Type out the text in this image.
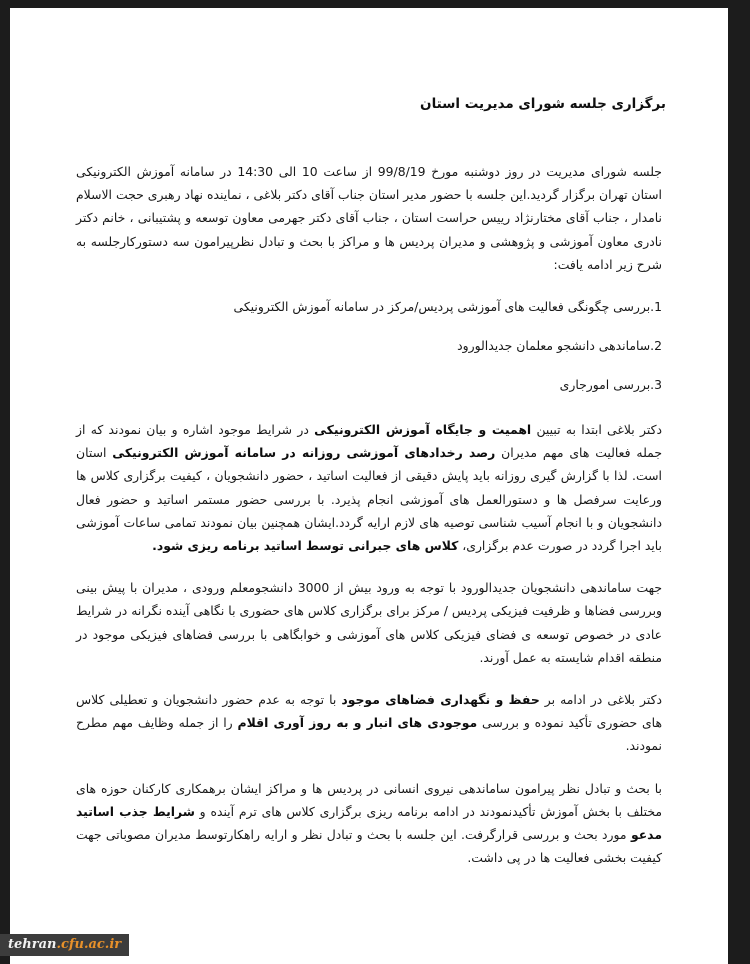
برگزاری جلسه شورای مدیریت استان

جلسه شورای مدیریت در روز دوشنبه مورخ 99/8/19 از ساعت 10 الی 14:30 در سامانه آموزش الکترونیکی استان تهران برگزار گردید.این جلسه با حضور مدیر استان جناب آقای دکتر بلاغی ، نماینده نهاد رهبری حجت الاسلام نامدار ، جناب آقای مختارنژاد رییس حراست استان ، جناب آقای دکتر جهرمی معاون توسعه و پشتیبانی ، خانم دکتر نادری معاون آموزشی و پژوهشی و مدیران پردیس ها و مراکز با بحث و تبادل نظرپیرامون سه دستورکارجلسه به شرح زیر ادامه یافت:

1.بررسی چگونگی فعالیت های آموزشی پردیس/مرکز در سامانه آموزش الکترونیکی
2.ساماندهی دانشجو معلمان جدیدالورود
3.بررسی امورجاری

دکتر بلاغی ابتدا به تبیین اهمیت و جایگاه آموزش الکترونیکی در شرایط موجود اشاره و بیان نمودند که از جمله فعالیت های مهم مدیران رصد رخدادهای آموزشی روزانه در سامانه آموزش الکترونیکی استان است. لذا با گزارش گیری روزانه باید پایش دقیقی از فعالیت اساتید ، حضور دانشجویان ، کیفیت برگزاری کلاس ها ورعایت سرفصل ها و دستورالعمل های آموزشی انجام پذیرد. با بررسی حضور مستمر اساتید و حضور فعال دانشجویان و با انجام آسیب شناسی توصیه های لازم ارایه گردد.ایشان همچنین بیان نمودند تمامی ساعات آموزشی باید اجرا گردد در صورت عدم برگزاری، کلاس های جبرانی توسط اساتید برنامه ریزی شود.

جهت ساماندهی دانشجویان جدیدالورود با توجه به ورود بیش از 3000 دانشجومعلم ورودی ، مدیران با پیش بینی وبررسی فضاها و ظرفیت فیزیکی پردیس / مرکز برای برگزاری کلاس های حضوری با نگاهی آینده نگرانه در شرایط عادی در خصوص توسعه ی فضای فیزیکی کلاس های آموزشی و خوابگاهی با بررسی فضاهای فیزیکی موجود در منطقه اقدام شایسته به عمل آورند.

دکتر بلاغی در ادامه بر حفظ و نگهداری فضاهای موجود با توجه به عدم حضور دانشجویان و تعطیلی کلاس های حضوری تأکید نموده و بررسی موجودی های انبار و به روز آوری اقلام را از جمله وظایف مهم مطرح نمودند.

با بحث و تبادل نظر پیرامون ساماندهی نیروی انسانی در پردیس ها و مراکز ایشان برهمکاری کارکنان حوزه های مختلف با بخش آموزش تأکیدنمودند در ادامه برنامه ریزی برگزاری کلاس های ترم آینده و شرایط جذب اساتید مدعو مورد بحث و بررسی قرارگرفت. این جلسه با بحث و تبادل نظر و ارایه راهکارتوسط مدیران مصوباتی جهت کیفیت بخشی فعالیت ها در پی داشت.

tehran.cfu.ac.ir
